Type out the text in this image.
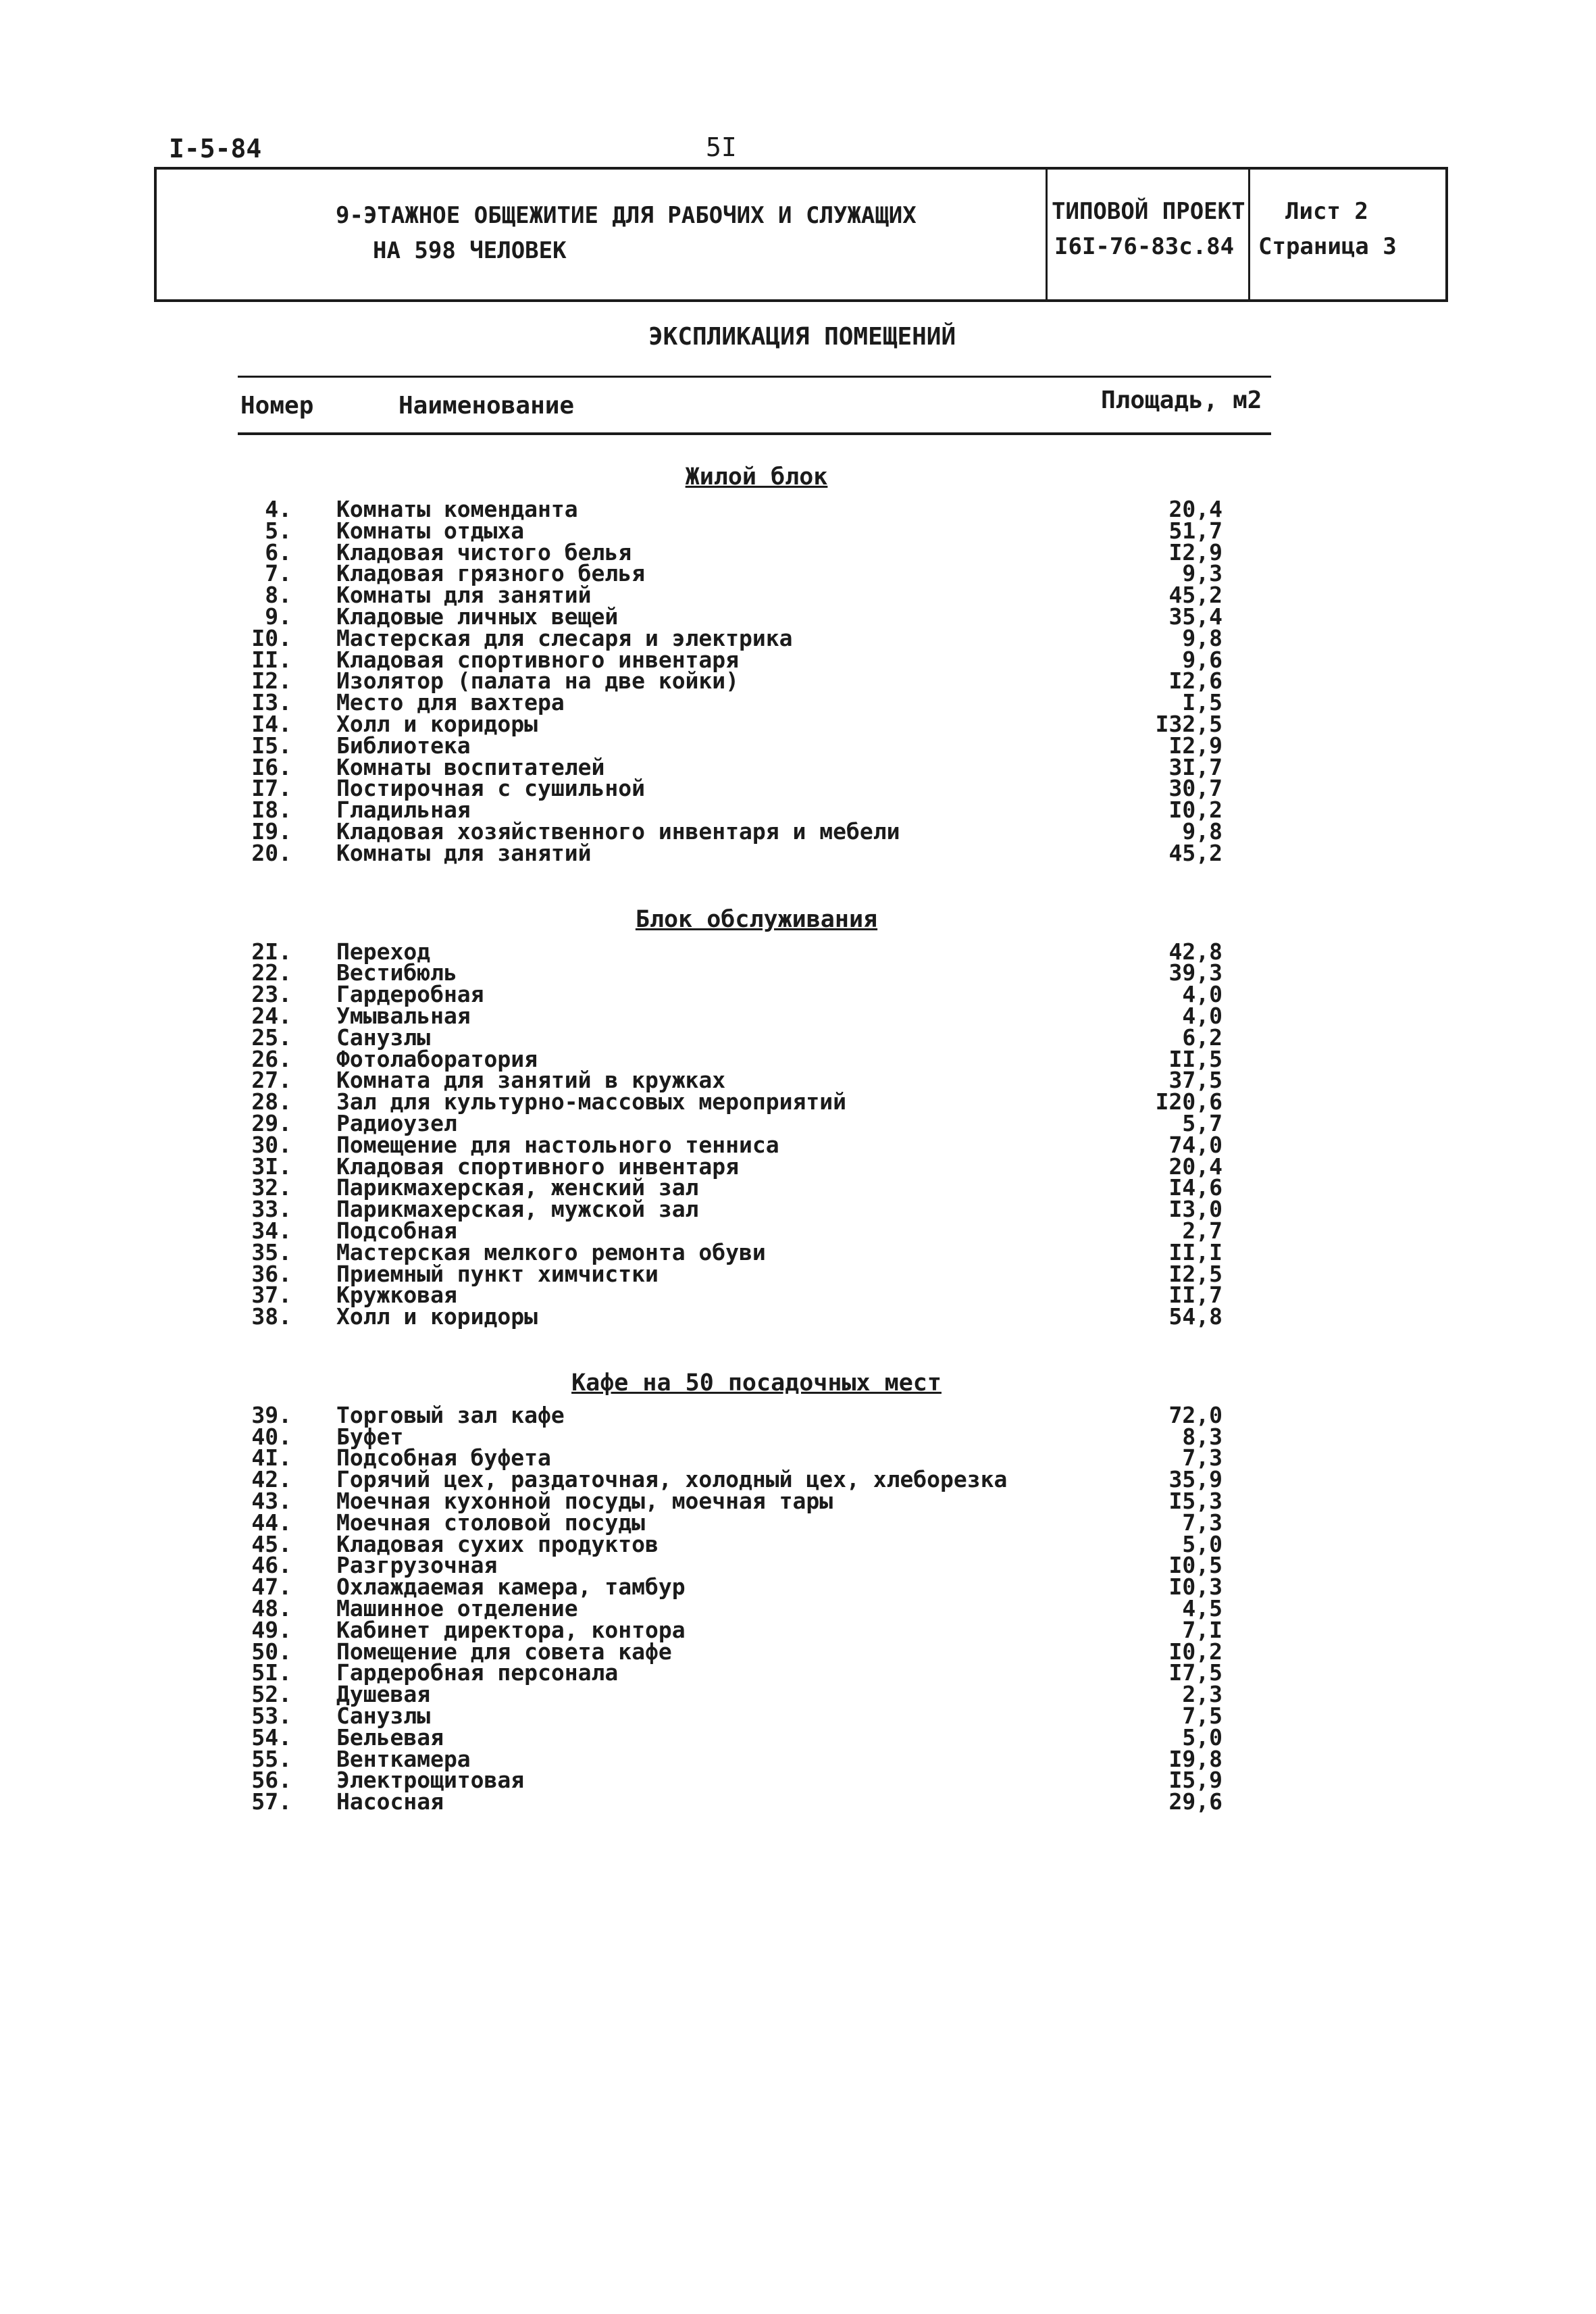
I-5-84	5I
9-ЭТАЖНОЕ ОБЩЕЖИТИЕ ДЛЯ РАБОЧИХ И СЛУЖАЩИХ
НА 598 ЧЕЛОВЕК
ТИПОВОЙ ПРОЕКТ
I6I-76-83с.84
Лист 2
Страница 3
ЭКСПЛИКАЦИЯ ПОМЕЩЕНИЙ
Номер	Наименование	Площадь, м2
Жилой блок
4. Комнаты коменданта	20,4
5. Комнаты отдыха	51,7
6. Кладовая чистого белья	I2,9
7. Кладовая грязного белья	9,3
8. Комнаты для занятий	45,2
9. Кладовые личных вещей	35,4
I0. Мастерская для слесаря и электрика	9,8
II. Кладовая спортивного инвентаря	9,6
I2. Изолятор (палата на две койки)	I2,6
I3. Место для вахтера	I,5
I4. Холл и коридоры	I32,5
I5. Библиотека	I2,9
I6. Комнаты воспитателей	3I,7
I7. Постирочная с сушильной	30,7
I8. Гладильная	I0,2
I9. Кладовая хозяйственного инвентаря и мебели	9,8
20. Комнаты для занятий	45,2
Блок обслуживания
2I. Переход	42,8
22. Вестибюль	39,3
23. Гардеробная	4,0
24. Умывальная	4,0
25. Санузлы	6,2
26. Фотолаборатория	II,5
27. Комната для занятий в кружках	37,5
28. Зал для культурно-массовых мероприятий	I20,6
29. Радиоузел	5,7
30. Помещение для настольного тенниса	74,0
3I. Кладовая спортивного инвентаря	20,4
32. Парикмахерская, женский зал	I4,6
33. Парикмахерская, мужской зал	I3,0
34. Подсобная	2,7
35. Мастерская мелкого ремонта обуви	II,I
36. Приемный пункт химчистки	I2,5
37. Кружковая	II,7
38. Холл и коридоры	54,8
Кафе на 50 посадочных мест
39. Торговый зал кафе	72,0
40. Буфет	8,3
4I. Подсобная буфета	7,3
42. Горячий цех, раздаточная, холодный цех, хлеборезка	35,9
43. Моечная кухонной посуды, моечная тары	I5,3
44. Моечная столовой посуды	7,3
45. Кладовая сухих продуктов	5,0
46. Разгрузочная	I0,5
47. Охлаждаемая камера, тамбур	I0,3
48. Машинное отделение	4,5
49. Кабинет директора, контора	7,I
50. Помещение для совета кафе	I0,2
5I. Гардеробная персонала	I7,5
52. Душевая	2,3
53. Санузлы	7,5
54. Бельевая	5,0
55. Венткамера	I9,8
56. Электрощитовая	I5,9
57. Насосная	29,6
